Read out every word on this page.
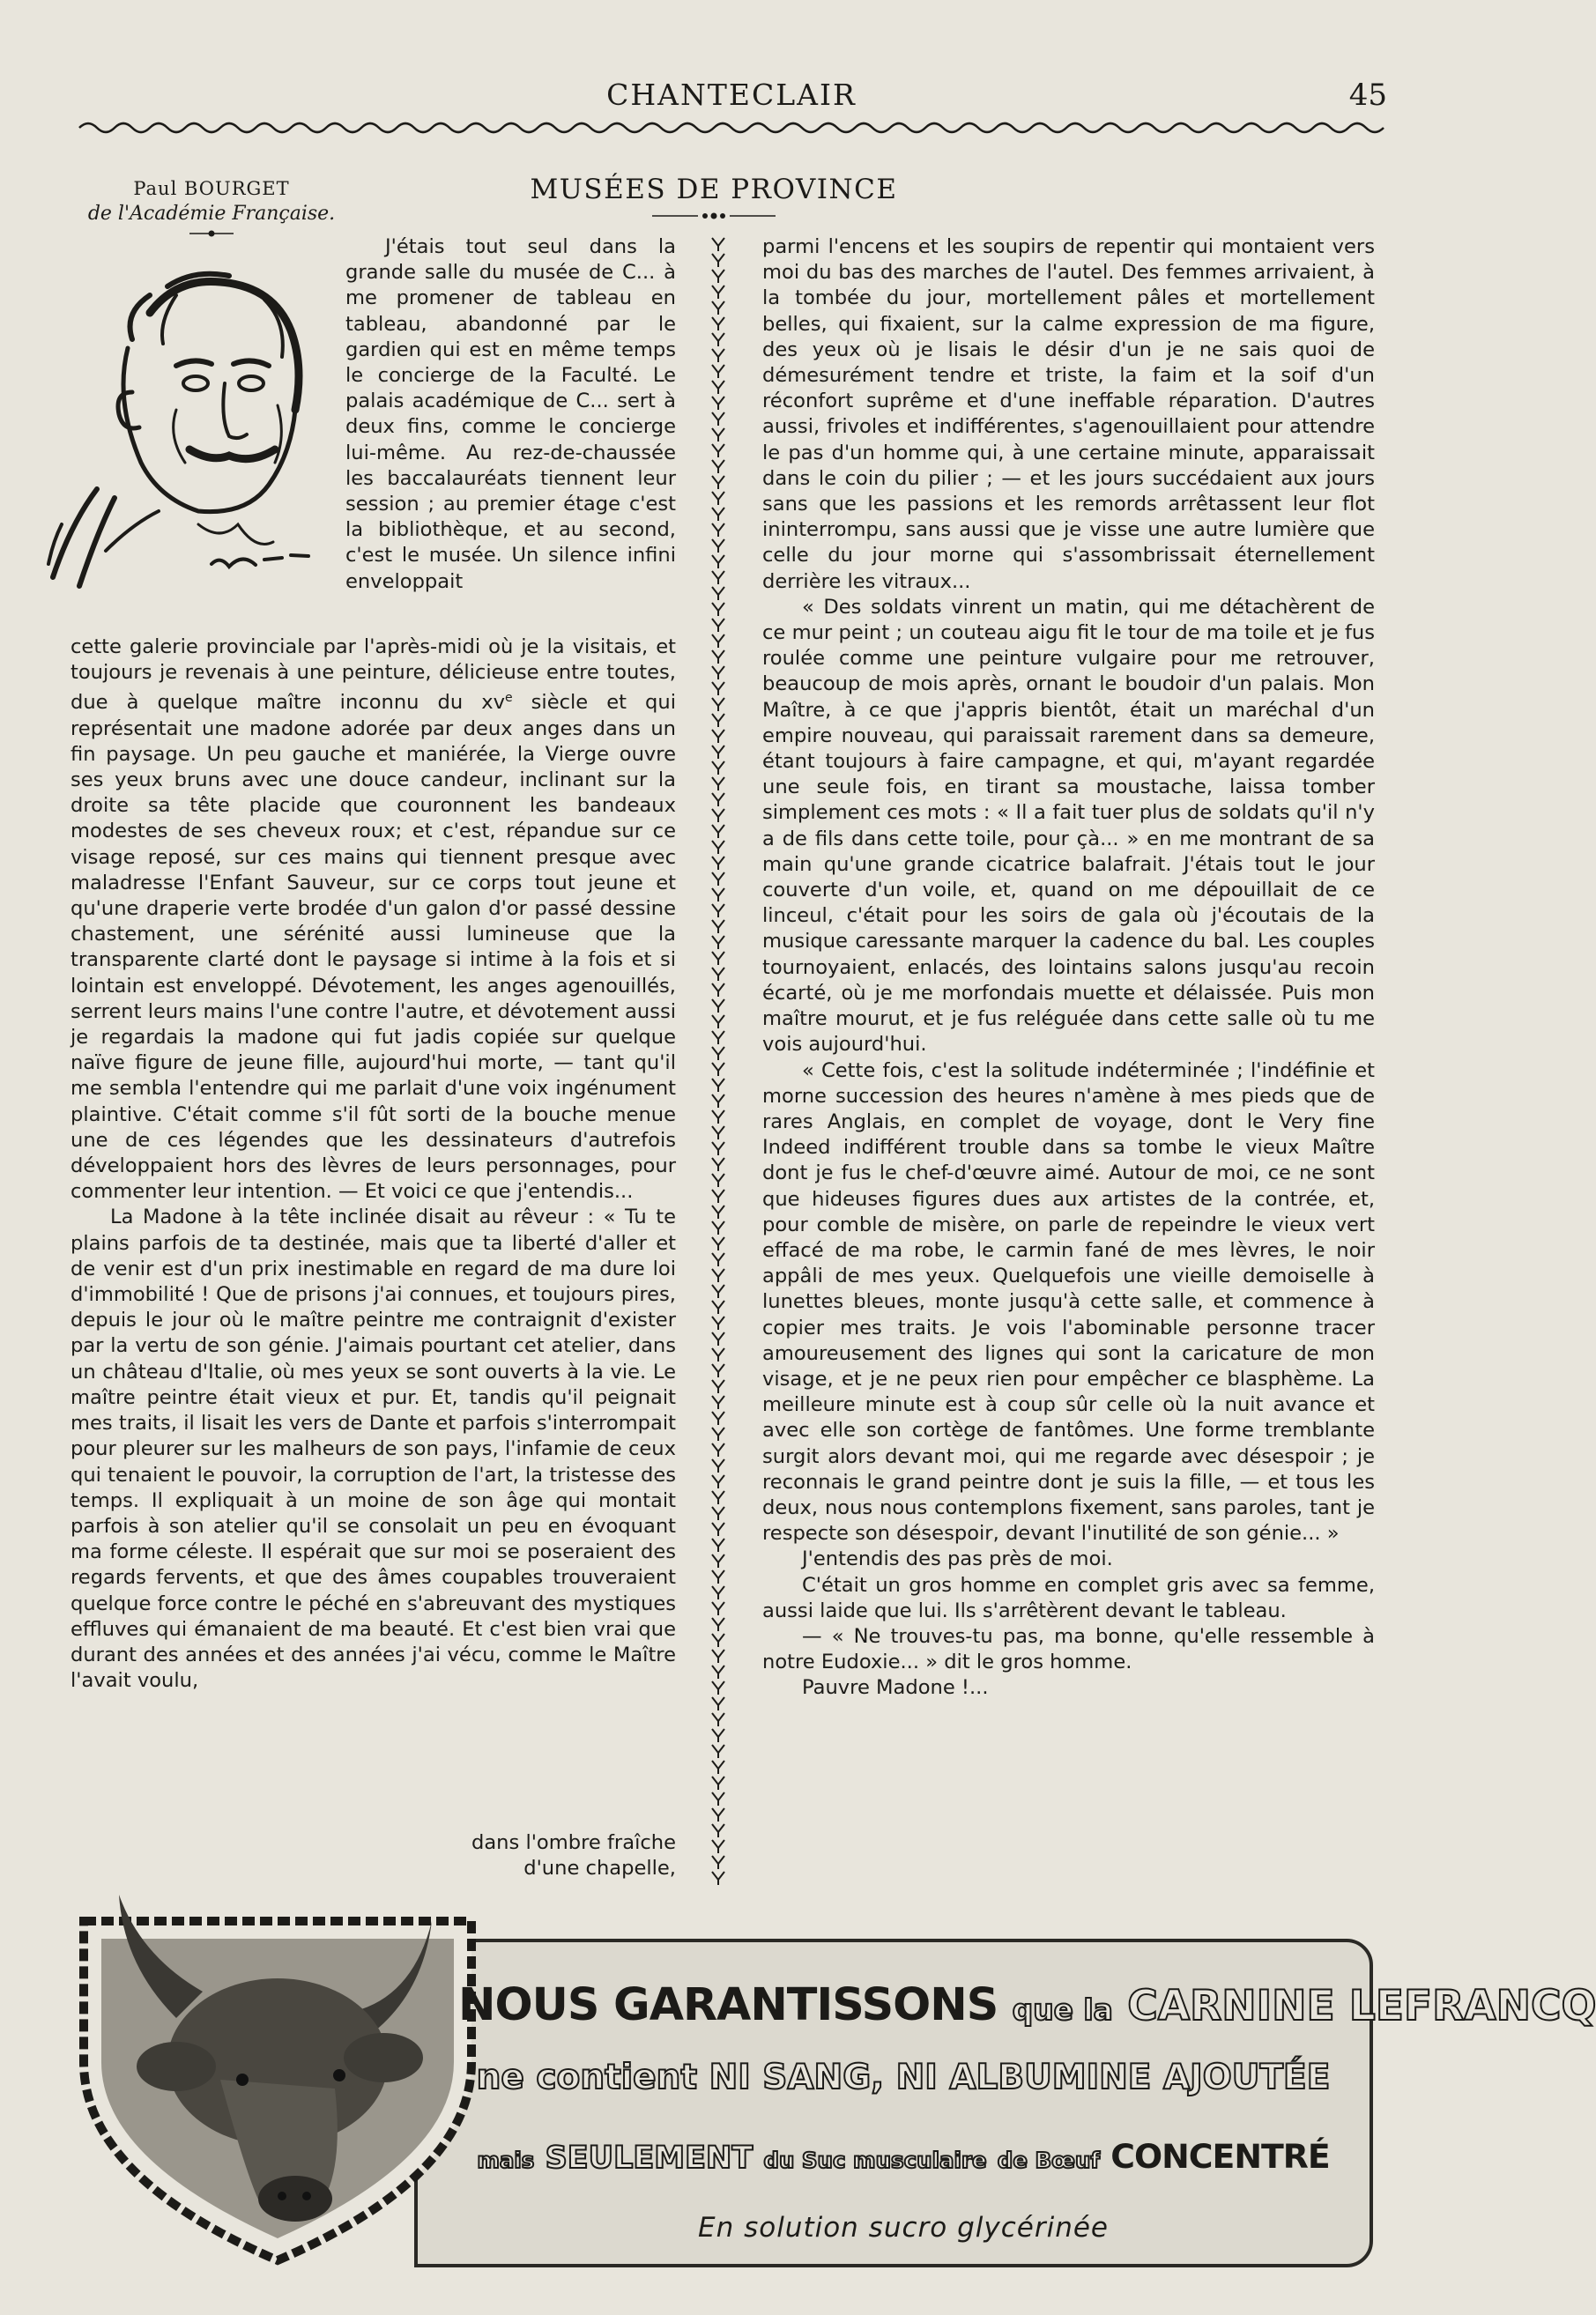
CHANTECLAIR	45
Paul BOURGET
de l'Académie Française.
MUSÉES DE PROVINCE

J'étais tout seul dans la grande salle du musée de C... à me promener de tableau en tableau, abandonné par le gardien qui est en même temps le concierge de la Faculté. Le palais académique de C... sert à deux fins, comme le concierge lui-même. Au rez-de-chaussée les baccalauréats tiennent leur session ; au premier étage c'est la bibliothèque, et au second, c'est le musée. Un silence infini enveloppait

cette galerie provinciale par l'après-midi où je la visitais, et toujours je revenais à une peinture, délicieuse entre toutes, due à quelque maître inconnu du $xv^e$ siècle et qui représentait une madone adorée par deux anges dans un fin paysage. Un peu gauche et maniérée, la Vierge ouvre ses yeux bruns avec une douce candeur, inclinant sur la droite sa tête placide que couronnent les bandeaux modestes de ses cheveux roux; et c'est, répandue sur ce visage reposé, sur ces mains qui tiennent presque avec maladresse l'Enfant Sauveur, sur ce corps tout jeune et qu'une draperie verte brodée d'un galon d'or passé dessine chastement, une sérénité aussi lumineuse que la transparente clarté dont le paysage si intime à la fois et si lointain est enveloppé. Dévotement, les anges agenouillés, serrent leurs mains l'une contre l'autre, et dévotement aussi je regardais la madone qui fut jadis copiée sur quelque naïve figure de jeune fille, aujourd'hui morte, — tant qu'il me sembla l'entendre qui me parlait d'une voix ingénument plaintive. C'était comme s'il fût sorti de la bouche menue une de ces légendes que les dessinateurs d'autrefois développaient hors des lèvres de leurs personnages, pour commenter leur intention. — Et voici ce que j'entendis...

La Madone à la tête inclinée disait au rêveur : « Tu te plains parfois de ta destinée, mais que ta liberté d'aller et de venir est d'un prix inestimable en regard de ma dure loi d'immobilité ! Que de prisons j'ai connues, et toujours pires, depuis le jour où le maître peintre me contraignit d'exister par la vertu de son génie. J'aimais pourtant cet atelier, dans un château d'Italie, où mes yeux se sont ouverts à la vie. Le maître peintre était vieux et pur. Et, tandis qu'il peignait mes traits, il lisait les vers de Dante et parfois s'interrompait pour pleurer sur les malheurs de son pays, l'infamie de ceux qui tenaient le pouvoir, la corruption de l'art, la tristesse des temps. Il expliquait à un moine de son âge qui montait parfois à son atelier qu'il se consolait un peu en évoquant ma forme céleste. Il espérait que sur moi se poseraient des regards fervents, et que des âmes coupables trouveraient quelque force contre le péché en s'abreuvant des mystiques effluves qui émanaient de ma beauté. Et c'est bien vrai que durant des années et des années j'ai vécu, comme le Maître l'avait voulu,

dans l'ombre fraîche d'une chapelle,

parmi l'encens et les soupirs de repentir qui montaient vers moi du bas des marches de l'autel. Des femmes arrivaient, à la tombée du jour, mortellement pâles et mortellement belles, qui fixaient, sur la calme expression de ma figure, des yeux où je lisais le désir d'un je ne sais quoi de démesurément tendre et triste, la faim et la soif d'un réconfort suprême et d'une ineffable réparation. D'autres aussi, frivoles et indifférentes, s'agenouillaient pour attendre le pas d'un homme qui, à une certaine minute, apparaissait dans le coin du pilier ; — et les jours succédaient aux jours sans que les passions et les remords arrêtassent leur flot ininterrompu, sans aussi que je visse une autre lumière que celle du jour morne qui s'assombrissait éternellement derrière les vitraux...

« Des soldats vinrent un matin, qui me détachèrent de ce mur peint ; un couteau aigu fit le tour de ma toile et je fus roulée comme une peinture vulgaire pour me retrouver, beaucoup de mois après, ornant le boudoir d'un palais. Mon Maître, à ce que j'appris bientôt, était un maréchal d'un empire nouveau, qui paraissait rarement dans sa demeure, étant toujours à faire campagne, et qui, m'ayant regardée une seule fois, en tirant sa moustache, laissa tomber simplement ces mots : « Il a fait tuer plus de soldats qu'il n'y a de fils dans cette toile, pour çà... » en me montrant de sa main qu'une grande cicatrice balafrait. J'étais tout le jour couverte d'un voile, et, quand on me dépouillait de ce linceul, c'était pour les soirs de gala où j'écoutais de la musique caressante marquer la cadence du bal. Les couples tournoyaient, enlacés, des lointains salons jusqu'au recoin écarté, où je me morfondais muette et délaissée. Puis mon maître mourut, et je fus reléguée dans cette salle où tu me vois aujourd'hui.

« Cette fois, c'est la solitude indéterminée ; l'indéfinie et morne succession des heures n'amène à mes pieds que de rares Anglais, en complet de voyage, dont le Very fine Indeed indifférent trouble dans sa tombe le vieux Maître dont je fus le chef-d'œuvre aimé. Autour de moi, ce ne sont que hideuses figures dues aux artistes de la contrée, et, pour comble de misère, on parle de repeindre le vieux vert effacé de ma robe, le carmin fané de mes lèvres, le noir appâli de mes yeux. Quelquefois une vieille demoiselle à lunettes bleues, monte jusqu'à cette salle, et commence à copier mes traits. Je vois l'abominable personne tracer amoureusement des lignes qui sont la caricature de mon visage, et je ne peux rien pour empêcher ce blasphème. La meilleure minute est à coup sûr celle où la nuit avance et avec elle son cortège de fantômes. Une forme tremblante surgit alors devant moi, qui me regarde avec désespoir ; je reconnais le grand peintre dont je suis la fille, — et tous les deux, nous nous contemplons fixement, sans paroles, tant je respecte son désespoir, devant l'inutilité de son génie... »

J'entendis des pas près de moi.

C'était un gros homme en complet gris avec sa femme, aussi laide que lui. Ils s'arrêtèrent devant le tableau.

— « Ne trouves-tu pas, ma bonne, qu'elle ressemble à notre Eudoxie... » dit le gros homme.

Pauvre Madone !...

NOUS GARANTISSONS que la CARNINE LEFRANCQ
ne contient NI SANG, NI ALBUMINE AJOUTÉE
mais SEULEMENT du Suc musculaire de Bœuf CONCENTRÉ
En solution sucro glycérinée
